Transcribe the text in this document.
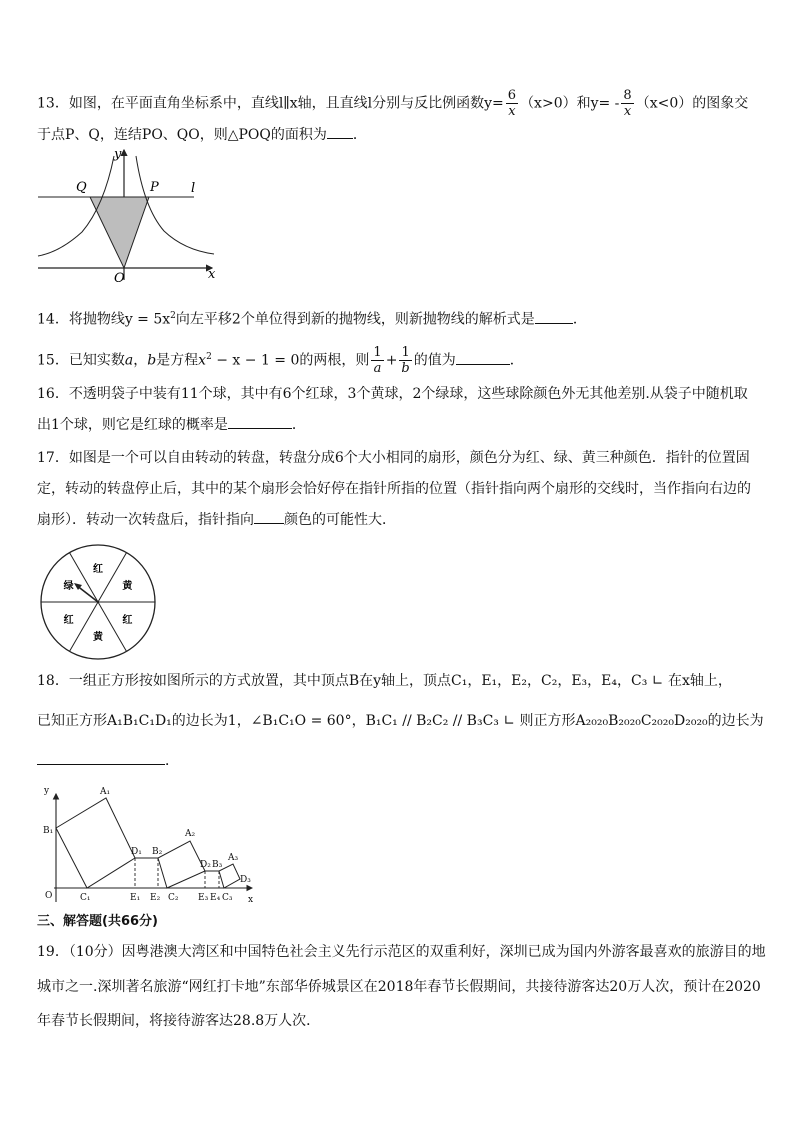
13．如图，在平面直角坐标系中，直线l∥x轴，且直线l分别与反比例函数$y= \frac{6}{x} (x>0)$和$y= - \frac{8}{x} (x<0)$的图象交
于点P、Q，连结PO、QO，则△POQ的面积为 ．
y
x
O
P
Q	l
14．将抛物线$y = 5x^2$向左平移2个单位得到新的抛物线，则新抛物线的解析式是	．
15．已知实数a，b是方程$x^2 - x - 1 = 0$的两根，则 $\frac{1}{a} + \frac{1}{b}$ 的值为	．
16．不透明袋子中装有11个球，其中有6个红球，3个黄球，2个绿球，这些球除颜色外无其他差别.从袋子中随机取
出1个球，则它是红球的概率是	．
17．如图是一个可以自由转动的转盘，转盘分成6个大小相同的扇形，颜色分为红、绿、黄三种颜色．指针的位置固
定，转动的转盘停止后，其中的某个扇形会恰好停在指针所指的位置（指针指向两个扇形的交线时，当作指向右边的
扇形）．转动一次转盘后，指针指向 颜色的可能性大．
红
黄
红
黄
红
绿
18．一组正方形按如图所示的方式放置，其中顶点B在y轴上，顶点C₁，E₁，E₂，C₂，E₃，E₄，C₃ ∟ 在x轴上，
已知正方形A₁B₁C₁D₁的边长为1，∠B₁C₁O = 60°，B₁C₁ // B₂C₂ // B₃C₃ ∟ 则正方形A₂₀₂₀B₂₀₂₀C₂₀₂₀D₂₀₂₀的边长为
．
y
x
O
A₁
B₁
C₁
D₁
E₁
B₂
A₂
E₂ C₂
D₂
E₃
B₃
A₃
E₄ C₃
D₃
三、解答题(共66分)
19．（10分）因粤港澳大湾区和中国特色社会主义先行示范区的双重利好，深圳已成为国内外游客最喜欢的旅游目的地
城市之一.深圳著名旅游“网红打卡地”东部华侨城景区在2018年春节长假期间，共接待游客达20万人次，预计在2020
年春节长假期间，将接待游客达28.8万人次．
